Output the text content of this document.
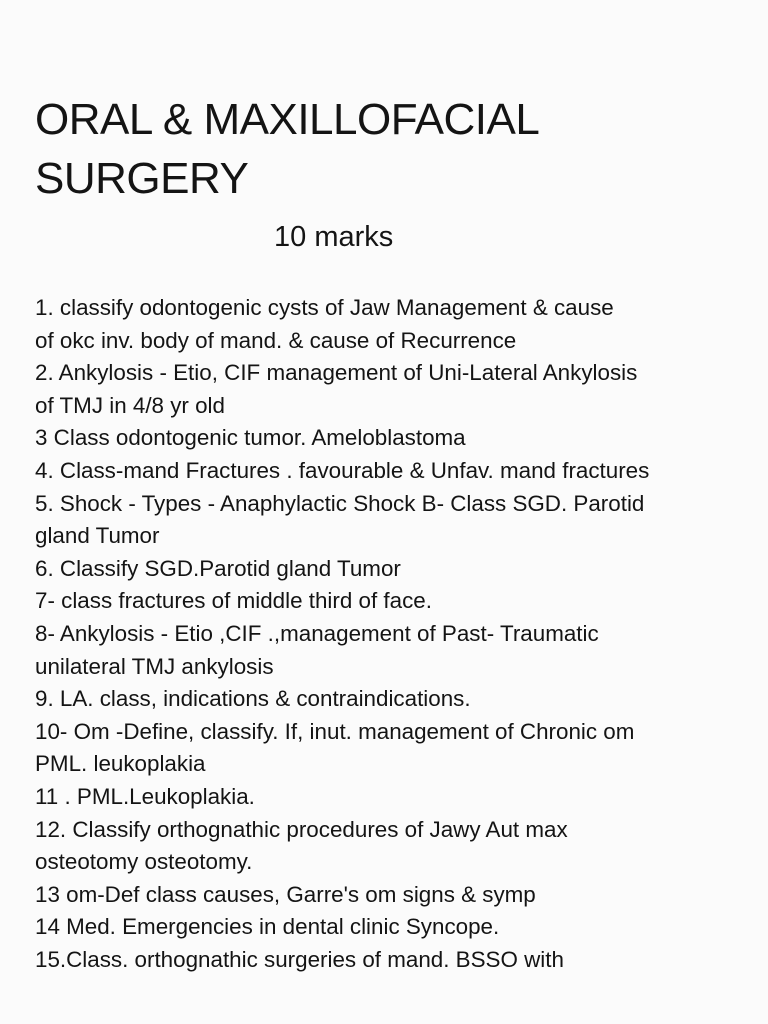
ORAL & MAXILLOFACIAL
SURGERY
10 marks
1. classify odontogenic cysts of Jaw Management & cause
of okc inv. body of mand. & cause of Recurrence
2. Ankylosis - Etio, CIF management of Uni-Lateral Ankylosis
of TMJ in 4/8 yr old
3 Class odontogenic tumor. Ameloblastoma
4. Class-mand Fractures . favourable & Unfav. mand fractures
5. Shock - Types - Anaphylactic Shock B- Class SGD. Parotid
gland Tumor
6. Classify SGD.Parotid gland Tumor
7- class fractures of middle third of face.
8- Ankylosis - Etio ,CIF .,management of Past- Traumatic
unilateral TMJ ankylosis
9. LA. class, indications & contraindications.
10- Om -Define, classify. If, inut. management of Chronic om
PML. leukoplakia
11 . PML.Leukoplakia.
12. Classify orthognathic procedures of Jawy Aut max
osteotomy osteotomy.
13 om-Def class causes, Garre's om signs & symp
14 Med. Emergencies in dental clinic Syncope.
15.Class. orthognathic surgeries of mand. BSSO with
